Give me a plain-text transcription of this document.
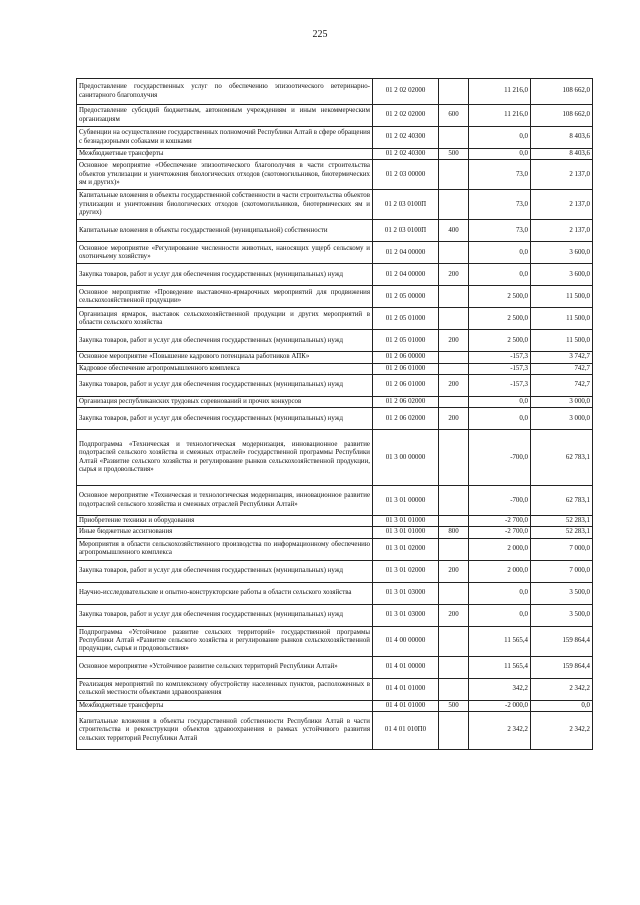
225
Предоставление государственных услуг по обеспечению эпизоотического ветеринарно-санитарного благополучия	01 2 02 02000		11 216,0	108 662,0
Предоставление субсидий бюджетным, автономным учреждениям и иным некоммерческим организациям	01 2 02 02000	600	11 216,0	108 662,0
Субвенции на осуществление государственных полномочий Республики Алтай в сфере обращения с безнадзорными собаками и кошками	01 2 02 40300		0,0	8 403,6
Межбюджетные трансферты	01 2 02 40300	500	0,0	8 403,6
Основное мероприятие «Обеспечение эпизоотического благополучия в части строительства объектов утилизации и уничтожения биологических отходов (скотомогильников, биотермических ям и других)»	01 2 03 00000		73,0	2 137,0
Капитальные вложения в объекты государственной собственности в части строительства объектов утилизации и уничтожения биологических отходов (скотомогильников, биотермических ям и других)	01 2 03 0100П		73,0	2 137,0
Капитальные вложения в объекты государственной (муниципальной) собственности	01 2 03 0100П	400	73,0	2 137,0
Основное мероприятие «Регулирование численности животных, наносящих ущерб сельскому и охотничьему хозяйству»	01 2 04 00000		0,0	3 600,0
Закупка товаров, работ и услуг для обеспечения государственных (муниципальных) нужд	01 2 04 00000	200	0,0	3 600,0
Основное мероприятие «Проведение выставочно-ярмарочных мероприятий для продвижения сельскохозяйственной продукции»	01 2 05 00000		2 500,0	11 500,0
Организация ярмарок, выставок сельскохозяйственной продукции и других мероприятий в области сельского хозяйства	01 2 05 01000		2 500,0	11 500,0
Закупка товаров, работ и услуг для обеспечения государственных (муниципальных) нужд	01 2 05 01000	200	2 500,0	11 500,0
Основное мероприятие «Повышение кадрового потенциала работников АПК»	01 2 06 00000		-157,3	3 742,7
Кадровое обеспечение агропромышленного комплекса	01 2 06 01000		-157,3	742,7
Закупка товаров, работ и услуг для обеспечения государственных (муниципальных) нужд	01 2 06 01000	200	-157,3	742,7
Организация республиканских трудовых соревнований и прочих конкурсов	01 2 06 02000		0,0	3 000,0
Закупка товаров, работ и услуг для обеспечения государственных (муниципальных) нужд	01 2 06 02000	200	0,0	3 000,0
Подпрограмма «Техническая и технологическая модернизация, инновационное развитие подотраслей сельского хозяйства и смежных отраслей» государственной программы Республики Алтай «Развитие сельского хозяйства и регулирование рынков сельскохозяйственной продукции, сырья и продовольствия»	01 3 00 00000		-700,0	62 783,1
Основное мероприятие «Техническая и технологическая модернизация, инновационное развитие подотраслей сельского хозяйства и смежных отраслей Республики Алтай»	01 3 01 00000		-700,0	62 783,1
Приобретение техники и оборудования	01 3 01 01000		-2 700,0	52 283,1
Иные бюджетные ассигнования	01 3 01 01000	800	-2 700,0	52 283,1
Мероприятия в области сельскохозяйственного производства по информационному обеспечению агропромышленного комплекса	01 3 01 02000		2 000,0	7 000,0
Закупка товаров, работ и услуг для обеспечения государственных (муниципальных) нужд	01 3 01 02000	200	2 000,0	7 000,0
Научно-исследовательские и опытно-конструкторские работы в области сельского хозяйства	01 3 01 03000		0,0	3 500,0
Закупка товаров, работ и услуг для обеспечения государственных (муниципальных) нужд	01 3 01 03000	200	0,0	3 500,0
Подпрограмма «Устойчивое развитие сельских территорий» государственной программы Республики Алтай «Развитие сельского хозяйства и регулирование рынков сельскохозяйственной продукции, сырья и продовольствия»	01 4 00 00000		11 565,4	159 864,4
Основное мероприятие «Устойчивое развитие сельских территорий Республики Алтай»	01 4 01 00000		11 565,4	159 864,4
Реализация мероприятий по комплексному обустройству населенных пунктов, расположенных в сельской местности объектами здравоохранения	01 4 01 01000		342,2	2 342,2
Межбюджетные трансферты	01 4 01 01000	500	-2 000,0	0,0
Капитальные вложения в объекты государственной собственности Республики Алтай в части строительства и реконструкции объектов здравоохранения в рамках устойчивого развития сельских территорий Республики Алтай	01 4 01 010П0		2 342,2	2 342,2
